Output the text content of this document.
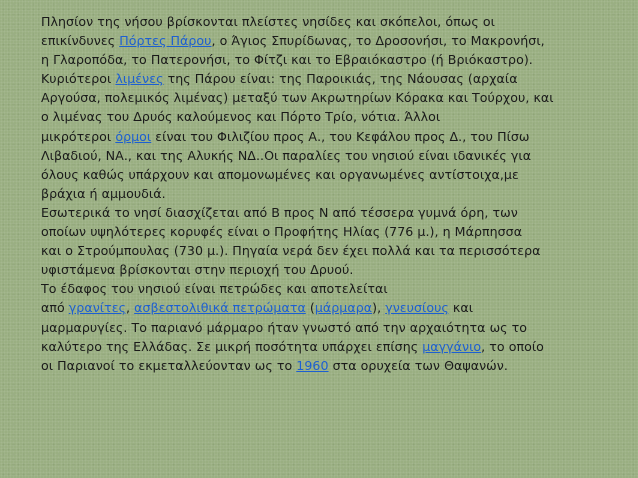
Πλησίον της νήσου βρίσκονται πλείστες νησίδες και σκόπελοι, όπως οι
επικίνδυνες Πόρτες Πάρου, ο Άγιος Σπυρίδωνας, το Δροσονήσι, το Μακρονήσι,
η Γλαροπόδα, το Πατερονήσι, το Φίτζι και το Εβραιόκαστρο (ή Βριόκαστρο).
Κυριότεροι λιμένες της Πάρου είναι: της Παροικιάς, της Νάουσας (αρχαία
Αργούσα, πολεμικός λιμένας) μεταξύ των Ακρωτηρίων Κόρακα και Τούρχου, και
ο λιμένας του Δρυός καλούμενος και Πόρτο Τρίο, νότια. Άλλοι
μικρότεροι όρμοι είναι του Φιλιζίου προς Α., του Κεφάλου προς Δ., του Πίσω
Λιβαδιού, ΝΑ., και της Αλυκής ΝΔ..Οι παραλίες του νησιού είναι ιδανικές για
όλους καθώς υπάρχουν και απομονωμένες και οργανωμένες αντίστοιχα,με
βράχια ή αμμουδιά.

Εσωτερικά το νησί διασχίζεται από Β προς Ν από τέσσερα γυμνά όρη, των
οποίων υψηλότερες κορυφές είναι ο Προφήτης Ηλίας (776 μ.), η Μάρπησσα
και ο Στρούμπουλας (730 μ.). Πηγαία νερά δεν έχει πολλά και τα περισσότερα
υφιστάμενα βρίσκονται στην περιοχή του Δρυού.

Το έδαφος του νησιού είναι πετρώδες και αποτελείται
από γρανίτες, ασβεστολιθικά πετρώματα (μάρμαρα), γνευσίους και
μαρμαρυγίες. Το παριανό μάρμαρο ήταν γνωστό από την αρχαιότητα ως το
καλύτερο της Ελλάδας. Σε μικρή ποσότητα υπάρχει επίσης μαγγάνιο, το οποίο
οι Παριανοί το εκμεταλλεύονταν ως το 1960 στα ορυχεία των Θαψανών.
